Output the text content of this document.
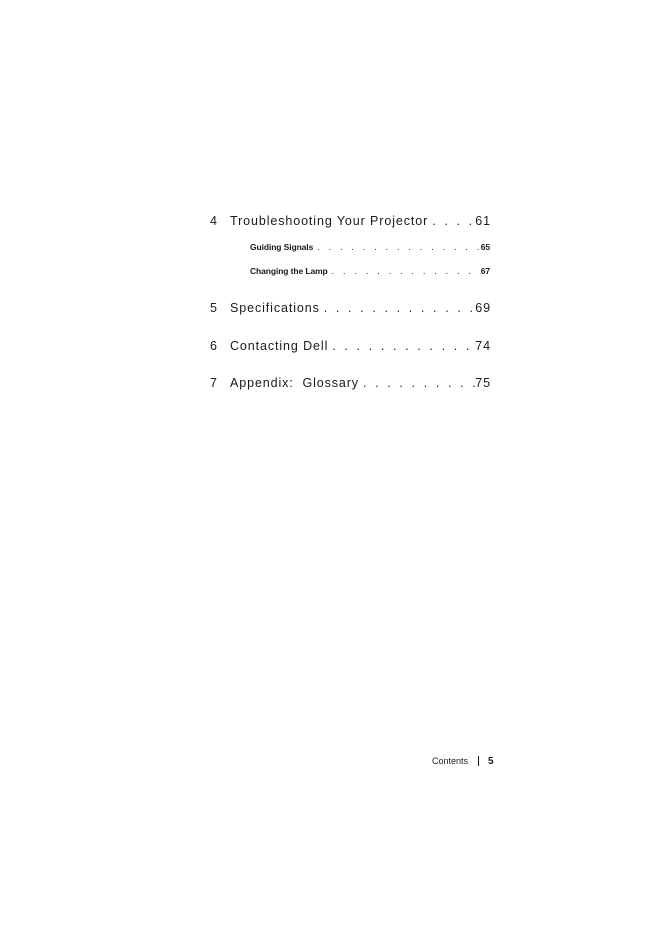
4 Troubleshooting Your Projector . . .	61
Guiding Signals . . .	65
Changing the Lamp . . .	67
5 Specifications . . .	69
6 Contacting Dell . . .	74
7 Appendix:  Glossary . . .	75
Contents 5
